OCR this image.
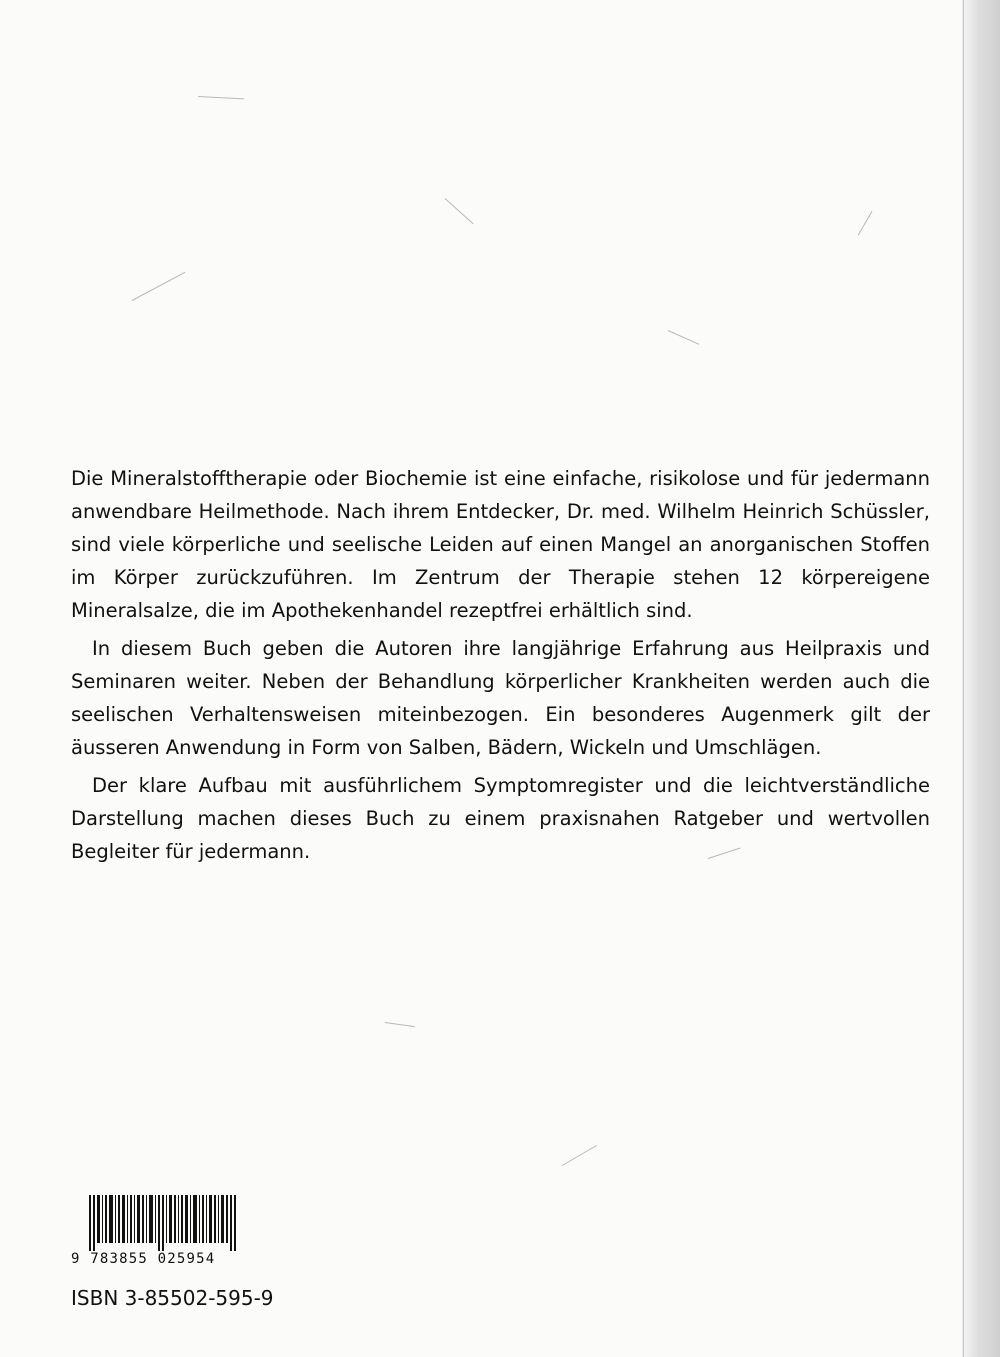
Die Mineralstofftherapie oder Biochemie ist eine einfache, risikolose und für jedermann anwendbare Heilmethode. Nach ihrem Entdecker, Dr. med. Wilhelm Heinrich Schüssler, sind viele körperliche und seelische Leiden auf einen Mangel an anorganischen Stoffen im Körper zurückzuführen. Im Zentrum der Therapie stehen 12 körpereigene Mineralsalze, die im Apothekenhandel rezeptfrei erhältlich sind.

In diesem Buch geben die Autoren ihre langjährige Erfahrung aus Heilpraxis und Seminaren weiter. Neben der Behandlung körperlicher Krankheiten werden auch die seelischen Verhaltensweisen miteinbezogen. Ein besonderes Augenmerk gilt der äusseren Anwendung in Form von Salben, Bädern, Wickeln und Umschlägen.

Der klare Aufbau mit ausführlichem Symptomregister und die leichtverständliche Darstellung machen dieses Buch zu einem praxisnahen Ratgeber und wertvollen Begleiter für jedermann.

9 783855 025954
ISBN 3-85502-595-9
